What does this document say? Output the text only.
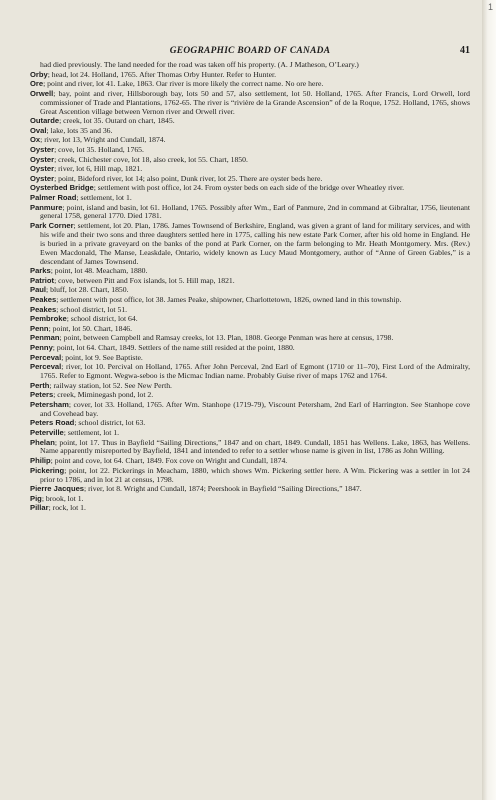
1
GEOGRAPHIC BOARD OF CANADA	41

had died previously. The land needed for the road was taken off his property. (A. J Matheson, O’Leary.)

Orby; head, lot 24. Holland, 1765. After Thomas Orby Hunter. Refer to Hunter.

Ore; point and river, lot 41. Lake, 1863. Oar river is more likely the correct name. No ore here.

Orwell; bay, point and river, Hillsborough bay, lots 50 and 57, also settlement, lot 50. Holland, 1765. After Francis, Lord Orwell, lord commissioner of Trade and Plantations, 1762-65. The river is “rivière de la Grande Ascension” of de la Roque, 1752. Holland, 1765, shows Great Ascention village between Vernon river and Orwell river.

Outarde; creek, lot 35. Outard on chart, 1845.

Oval; lake, lots 35 and 36.

Ox; river, lot 13, Wright and Cundall, 1874.

Oyster; cove, lot 35. Holland, 1765.

Oyster; creek, Chichester cove, lot 18, also creek, lot 55. Chart, 1850.

Oyster; river, lot 6, Hill map, 1821.

Oyster; point, Bideford river, lot 14; also point, Dunk river, lot 25. There are oyster beds here.

Oysterbed Bridge; settlement with post office, lot 24. From oyster beds on each side of the bridge over Wheatley river.

Palmer Road; settlement, lot 1.

Panmure; point, island and basin, lot 61. Holland, 1765. Possibly after Wm., Earl of Panmure, 2nd in command at Gibraltar, 1756, lieutenant general 1758, general 1770. Died 1781.

Park Corner; settlement, lot 20. Plan, 1786. James Townsend of Berkshire, England, was given a grant of land for military services, and with his wife and their two sons and three daughters settled here in 1775, calling his new estate Park Corner, after his old home in England. He is buried in a private graveyard on the banks of the pond at Park Corner, on the farm belonging to Mr. Heath Montgomery. Mrs. (Rev.) Ewen Macdonald, The Manse, Leaskdale, Ontario, widely known as Lucy Maud Montgomery, author of “Anne of Green Gables,” is a descendant of James Townsend.

Parks; point, lot 48. Meacham, 1880.

Patriot; cove, between Pitt and Fox islands, lot 5. Hill map, 1821.

Paul; bluff, lot 28. Chart, 1850.

Peakes; settlement with post office, lot 38. James Peake, shipowner, Charlottetown, 1826, owned land in this township.

Peakes; school district, lot 51.

Pembroke; school district, lot 64.

Penn; point, lot 50. Chart, 1846.

Penman; point, between Campbell and Ramsay creeks, lot 13. Plan, 1808. George Penman was here at census, 1798.

Penny; point, lot 64. Chart, 1849. Settlers of the name still resided at the point, 1880.

Perceval; point, lot 9. See Baptiste.

Perceval; river, lot 10. Percival on Holland, 1765. After John Perceval, 2nd Earl of Egmont (1710 or 11–70), First Lord of the Admiralty, 1765. Refer to Egmont. Wegwa-seboo is the Micmac Indian name. Probably Guise river of maps 1762 and 1764.

Perth; railway station, lot 52. See New Perth.

Peters; creek, Miminegash pond, lot 2.

Petersham; cover, lot 33. Holland, 1765. After Wm. Stanhope (1719-79), Viscount Petersham, 2nd Earl of Harrington. See Stanhope cove and Covehead bay.

Peters Road; school district, lot 63.

Peterville; settlement, lot 1.

Phelan; point, lot 17. Thus in Bayfield “Sailing Directions,” 1847 and on chart, 1849. Cundall, 1851 has Wellens. Lake, 1863, has Wellens. Name apparently misreported by Bayfield, 1841 and intended to refer to a settler whose name is given in list, 1786 as John Willing.

Philip; point and cove, lot 64. Chart, 1849. Fox cove on Wright and Cundall, 1874.

Pickering; point, lot 22. Pickerings in Meacham, 1880, which shows Wm. Pickering settler here. A Wm. Pickering was a settler in lot 24 prior to 1786, and in lot 21 at census, 1798.

Pierre Jacques; river, lot 8. Wright and Cundall, 1874; Peershook in Bayfield “Sailing Directions,” 1847.

Pig; brook, lot 1.

Pillar; rock, lot 1.
